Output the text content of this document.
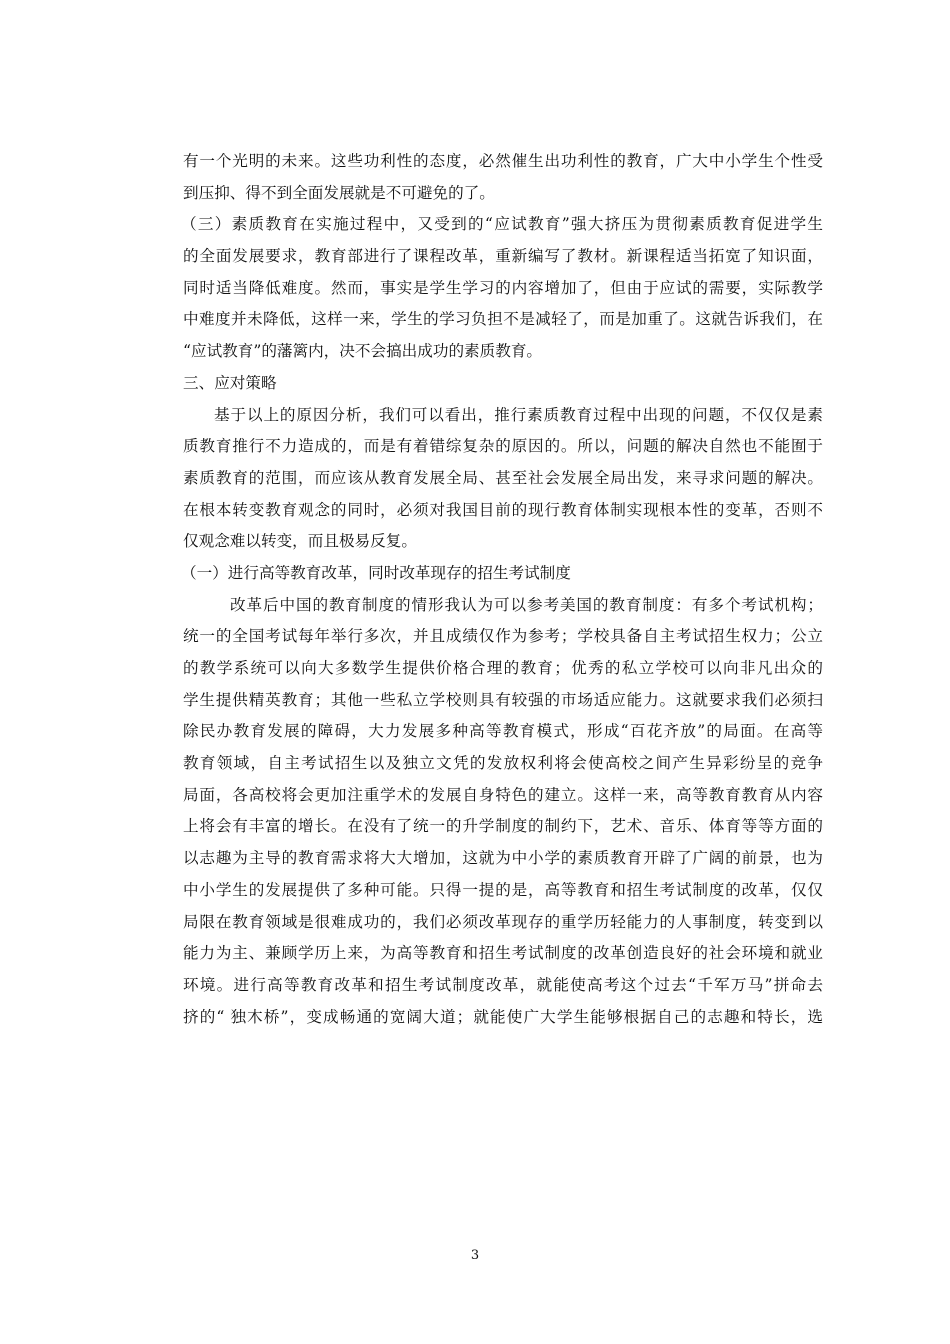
有一个光明的未来。这些功利性的态度，必然催生出功利性的教育，广大中小学生个性受
到压抑、得不到全面发展就是不可避免的了。
（三）素质教育在实施过程中，又受到的“应试教育”强大挤压为贯彻素质教育促进学生
的全面发展要求，教育部进行了课程改革，重新编写了教材。新课程适当拓宽了知识面，
同时适当降低难度。然而，事实是学生学习的内容增加了，但由于应试的需要，实际教学
中难度并未降低，这样一来，学生的学习负担不是减轻了，而是加重了。这就告诉我们，在
“应试教育”的藩篱内，决不会搞出成功的素质教育。
三、应对策略
基于以上的原因分析，我们可以看出，推行素质教育过程中出现的问题，不仅仅是素
质教育推行不力造成的，而是有着错综复杂的原因的。所以，问题的解决自然也不能囿于
素质教育的范围，而应该从教育发展全局、甚至社会发展全局出发，来寻求问题的解决。
在根本转变教育观念的同时，必须对我国目前的现行教育体制实现根本性的变革，否则不
仅观念难以转变，而且极易反复。
（一）进行高等教育改革，同时改革现存的招生考试制度
改革后中国的教育制度的情形我认为可以参考美国的教育制度：有多个考试机构；
统一的全国考试每年举行多次，并且成绩仅作为参考；学校具备自主考试招生权力；公立
的教学系统可以向大多数学生提供价格合理的教育；优秀的私立学校可以向非凡出众的
学生提供精英教育；其他一些私立学校则具有较强的市场适应能力。这就要求我们必须扫
除民办教育发展的障碍，大力发展多种高等教育模式，形成“百花齐放”的局面。在高等
教育领域，自主考试招生以及独立文凭的发放权利将会使高校之间产生异彩纷呈的竞争
局面，各高校将会更加注重学术的发展自身特色的建立。这样一来，高等教育教育从内容
上将会有丰富的增长。在没有了统一的升学制度的制约下，艺术、音乐、体育等等方面的
以志趣为主导的教育需求将大大增加，这就为中小学的素质教育开辟了广阔的前景，也为
中小学生的发展提供了多种可能。只得一提的是，高等教育和招生考试制度的改革，仅仅
局限在教育领域是很难成功的，我们必须改革现存的重学历轻能力的人事制度，转变到以
能力为主、兼顾学历上来，为高等教育和招生考试制度的改革创造良好的社会环境和就业
环境。进行高等教育改革和招生考试制度改革，就能使高考这个过去“千军万马”拼命去
挤的“ 独木桥”，变成畅通的宽阔大道；就能使广大学生能够根据自己的志趣和特长，选
3
